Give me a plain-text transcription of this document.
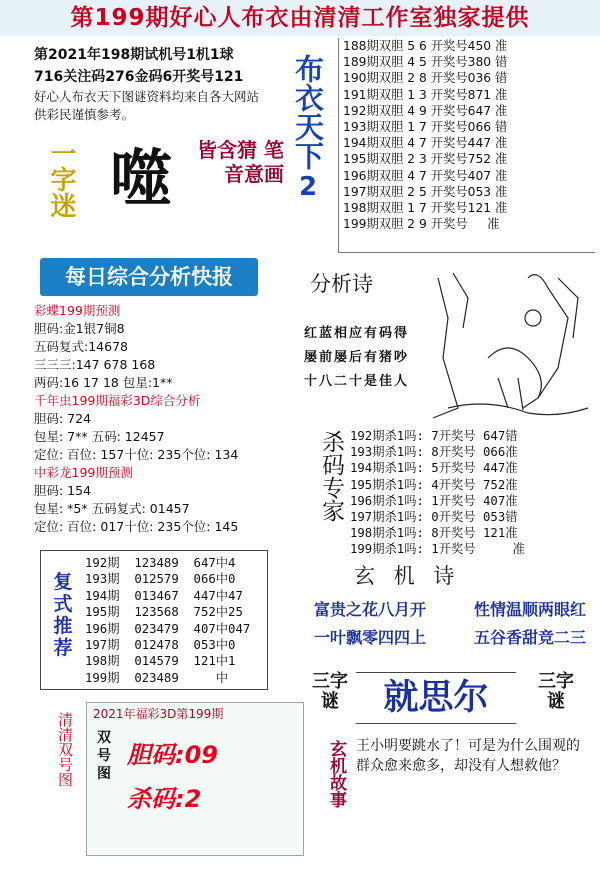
第199期好心人布衣由清清工作室独家提供
第2021年198期试机号1机1球
716关注码276金码6开奖号121
好心人布衣天下图谜资料均来自各大网站
供彩民谨慎参考。	布衣天下
2
188期双胆 5 6 开奖号450 准
189期双胆 4 5 开奖号380 错
190期双胆 2 8 开奖号036 错
191期双胆 1 3 开奖号871 准
192期双胆 4 9 开奖号647 准
193期双胆 1 7 开奖号066 错
194期双胆 4 7 开奖号447 准
195期双胆 2 3 开奖号752 准
196期双胆 4 7 开奖号407 准
197期双胆 2 5 开奖号053 准
198期双胆 1 7 开奖号121 准
199期双胆 2 9 开奖号     准
一字迷 噬	皆含猜 笔 音意画
每日综合分析快报
彩蝶199期预测
胆码:金1银7铜8
五码复式:14678
三三三:147 678 168
两码:16 17 18 包星:1**
千年虫199期福彩3D综合分析
胆码: 724
包星: 7** 五码: 12457
定位: 百位: 157十位: 235个位: 134
中彩龙199期预测
胆码: 154
包星: *5* 五码复式: 01457
定位: 百位: 017十位: 235个位: 145
分析诗
红蓝相应有码得
屡前屡后有猪吵
十八二十是佳人
杀码专家 192期杀1吗: 7开奖号 647错
193期杀1吗: 8开奖号 066准
194期杀1吗: 5开奖号 447准
195期杀1吗: 4开奖号 752准
196期杀1吗: 1开奖号 407准
197期杀1吗: 0开奖号 053错
198期杀1吗: 8开奖号 121准
199期杀1吗: 1开奖号     准
复式推荐
192期  123489  647中4
193期  012579  066中0
194期  013467  447中47
195期  123568  752中25
196期  023479  407中047
197期  012478  053中0
198期  014579  121中1
199期  023489     中
玄 机 诗
富贵之花八月开	性情温顺两眼红
一叶飘零四四上	五谷香甜竞二三
清清双号图 2021年福彩3D第199期
双号图
胆码:09
杀码:2
三字谜	就思尔	三字谜
玄机故事 王小明要跳水了！可是为什么围观的群众愈来愈多，却没有人想救他？
